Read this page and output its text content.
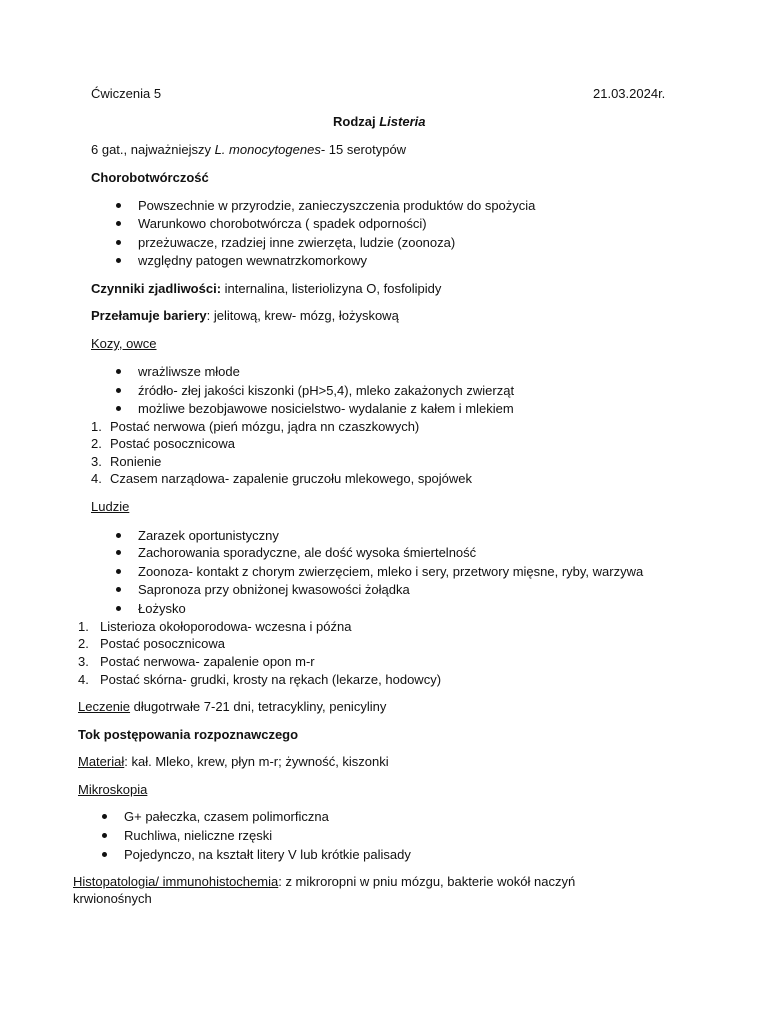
Ćwiczenia 5	21.03.2024r.
Rodzaj Listeria
6 gat., najważniejszy L. monocytogenes- 15 serotypów
Chorobotwórczość
Powszechnie w przyrodzie, zanieczyszczenia produktów do spożycia
Warunkowo chorobotwórcza ( spadek odporności)
przeżuwacze, rzadziej inne zwierzęta, ludzie (zoonoza)
względny patogen wewnatrzkomorkowy
Czynniki zjadliwości: internalina, listeriolizyna O, fosfolipidy
Przełamuje bariery: jelitową, krew- mózg, łożyskową
Kozy, owce
wrażliwsze młode
źródło- złej jakości kiszonki (pH>5,4), mleko zakażonych zwierząt
możliwe bezobjawowe nosicielstwo- wydalanie z kałem i mlekiem
1. Postać nerwowa (pień mózgu, jądra nn czaszkowych)
2. Postać posocznicowa
3. Ronienie
4. Czasem narządowa- zapalenie gruczołu mlekowego, spojówek
Ludzie
Zarazek oportunistyczny
Zachorowania sporadyczne, ale dość wysoka śmiertelność
Zoonoza- kontakt z chorym zwierzęciem, mleko i sery, przetwory mięsne, ryby, warzywa
Sapronoza przy obniżonej kwasowości żołądka
Łożysko
1. Listerioza okołoporodowa- wczesna i późna
2. Postać posocznicowa
3. Postać nerwowa- zapalenie opon m-r
4. Postać skórna- grudki, krosty na rękach (lekarze, hodowcy)
Leczenie długotrwałe 7-21 dni, tetracykliny, penicyliny
Tok postępowania rozpoznawczego
Materiał: kał. Mleko, krew, płyn m-r; żywność, kiszonki
Mikroskopia
G+ pałeczka, czasem polimorficzna
Ruchliwa, nieliczne rzęski
Pojedynczo, na kształt litery V lub krótkie palisady
Histopatologia/ immunohistochemia: z mikroropni w pniu mózgu, bakterie wokół naczyń
krwionośnych
